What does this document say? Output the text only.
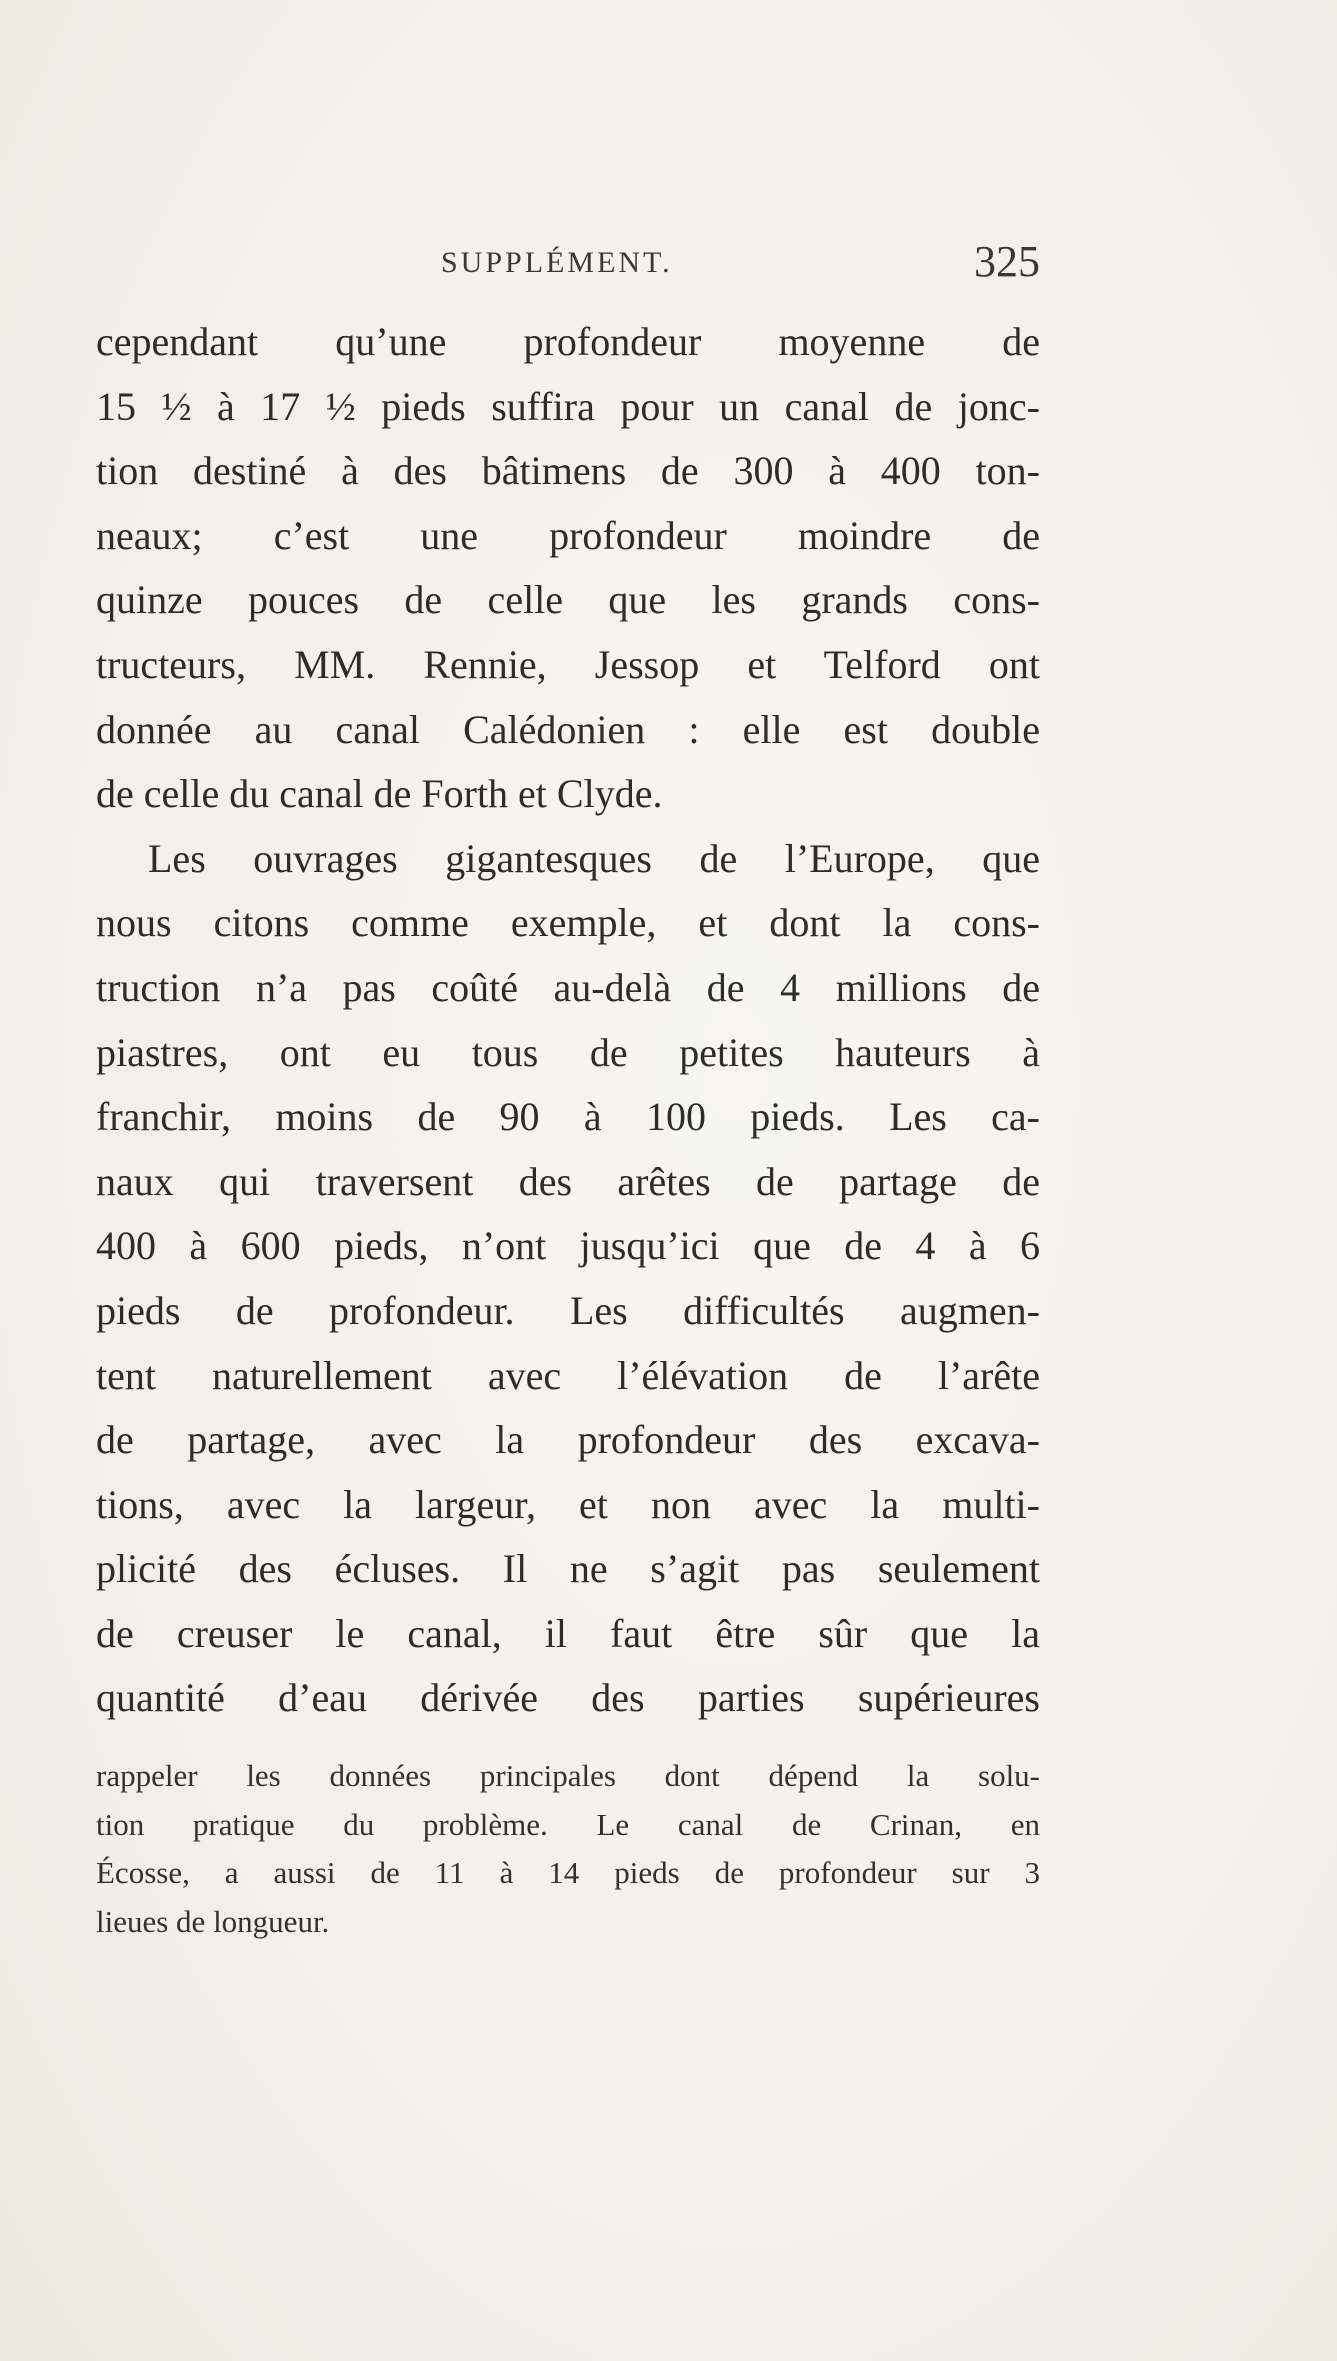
SUPPLÉMENT.	325
cependant qu’une profondeur moyenne de
15 ½ à 17 ½ pieds suffira pour un canal de jonc-
tion destiné à des bâtimens de 300 à 400 ton-
neaux; c’est une profondeur moindre de
quinze pouces de celle que les grands cons-
tructeurs, MM. Rennie, Jessop et Telford ont
donnée au canal Calédonien : elle est double
de celle du canal de Forth et Clyde.
Les ouvrages gigantesques de l’Europe, que
nous citons comme exemple, et dont la cons-
truction n’a pas coûté au-delà de 4 millions de
piastres, ont eu tous de petites hauteurs à
franchir, moins de 90 à 100 pieds. Les ca-
naux qui traversent des arêtes de partage de
400 à 600 pieds, n’ont jusqu’ici que de 4 à 6
pieds de profondeur. Les difficultés augmen-
tent naturellement avec l’élévation de l’arête
de partage, avec la profondeur des excava-
tions, avec la largeur, et non avec la multi-
plicité des écluses. Il ne s’agit pas seulement
de creuser le canal, il faut être sûr que la
quantité d’eau dérivée des parties supérieures
rappeler les données principales dont dépend la solu-
tion pratique du problème. Le canal de Crinan, en
Écosse, a aussi de 11 à 14 pieds de profondeur sur 3
lieues de longueur.
